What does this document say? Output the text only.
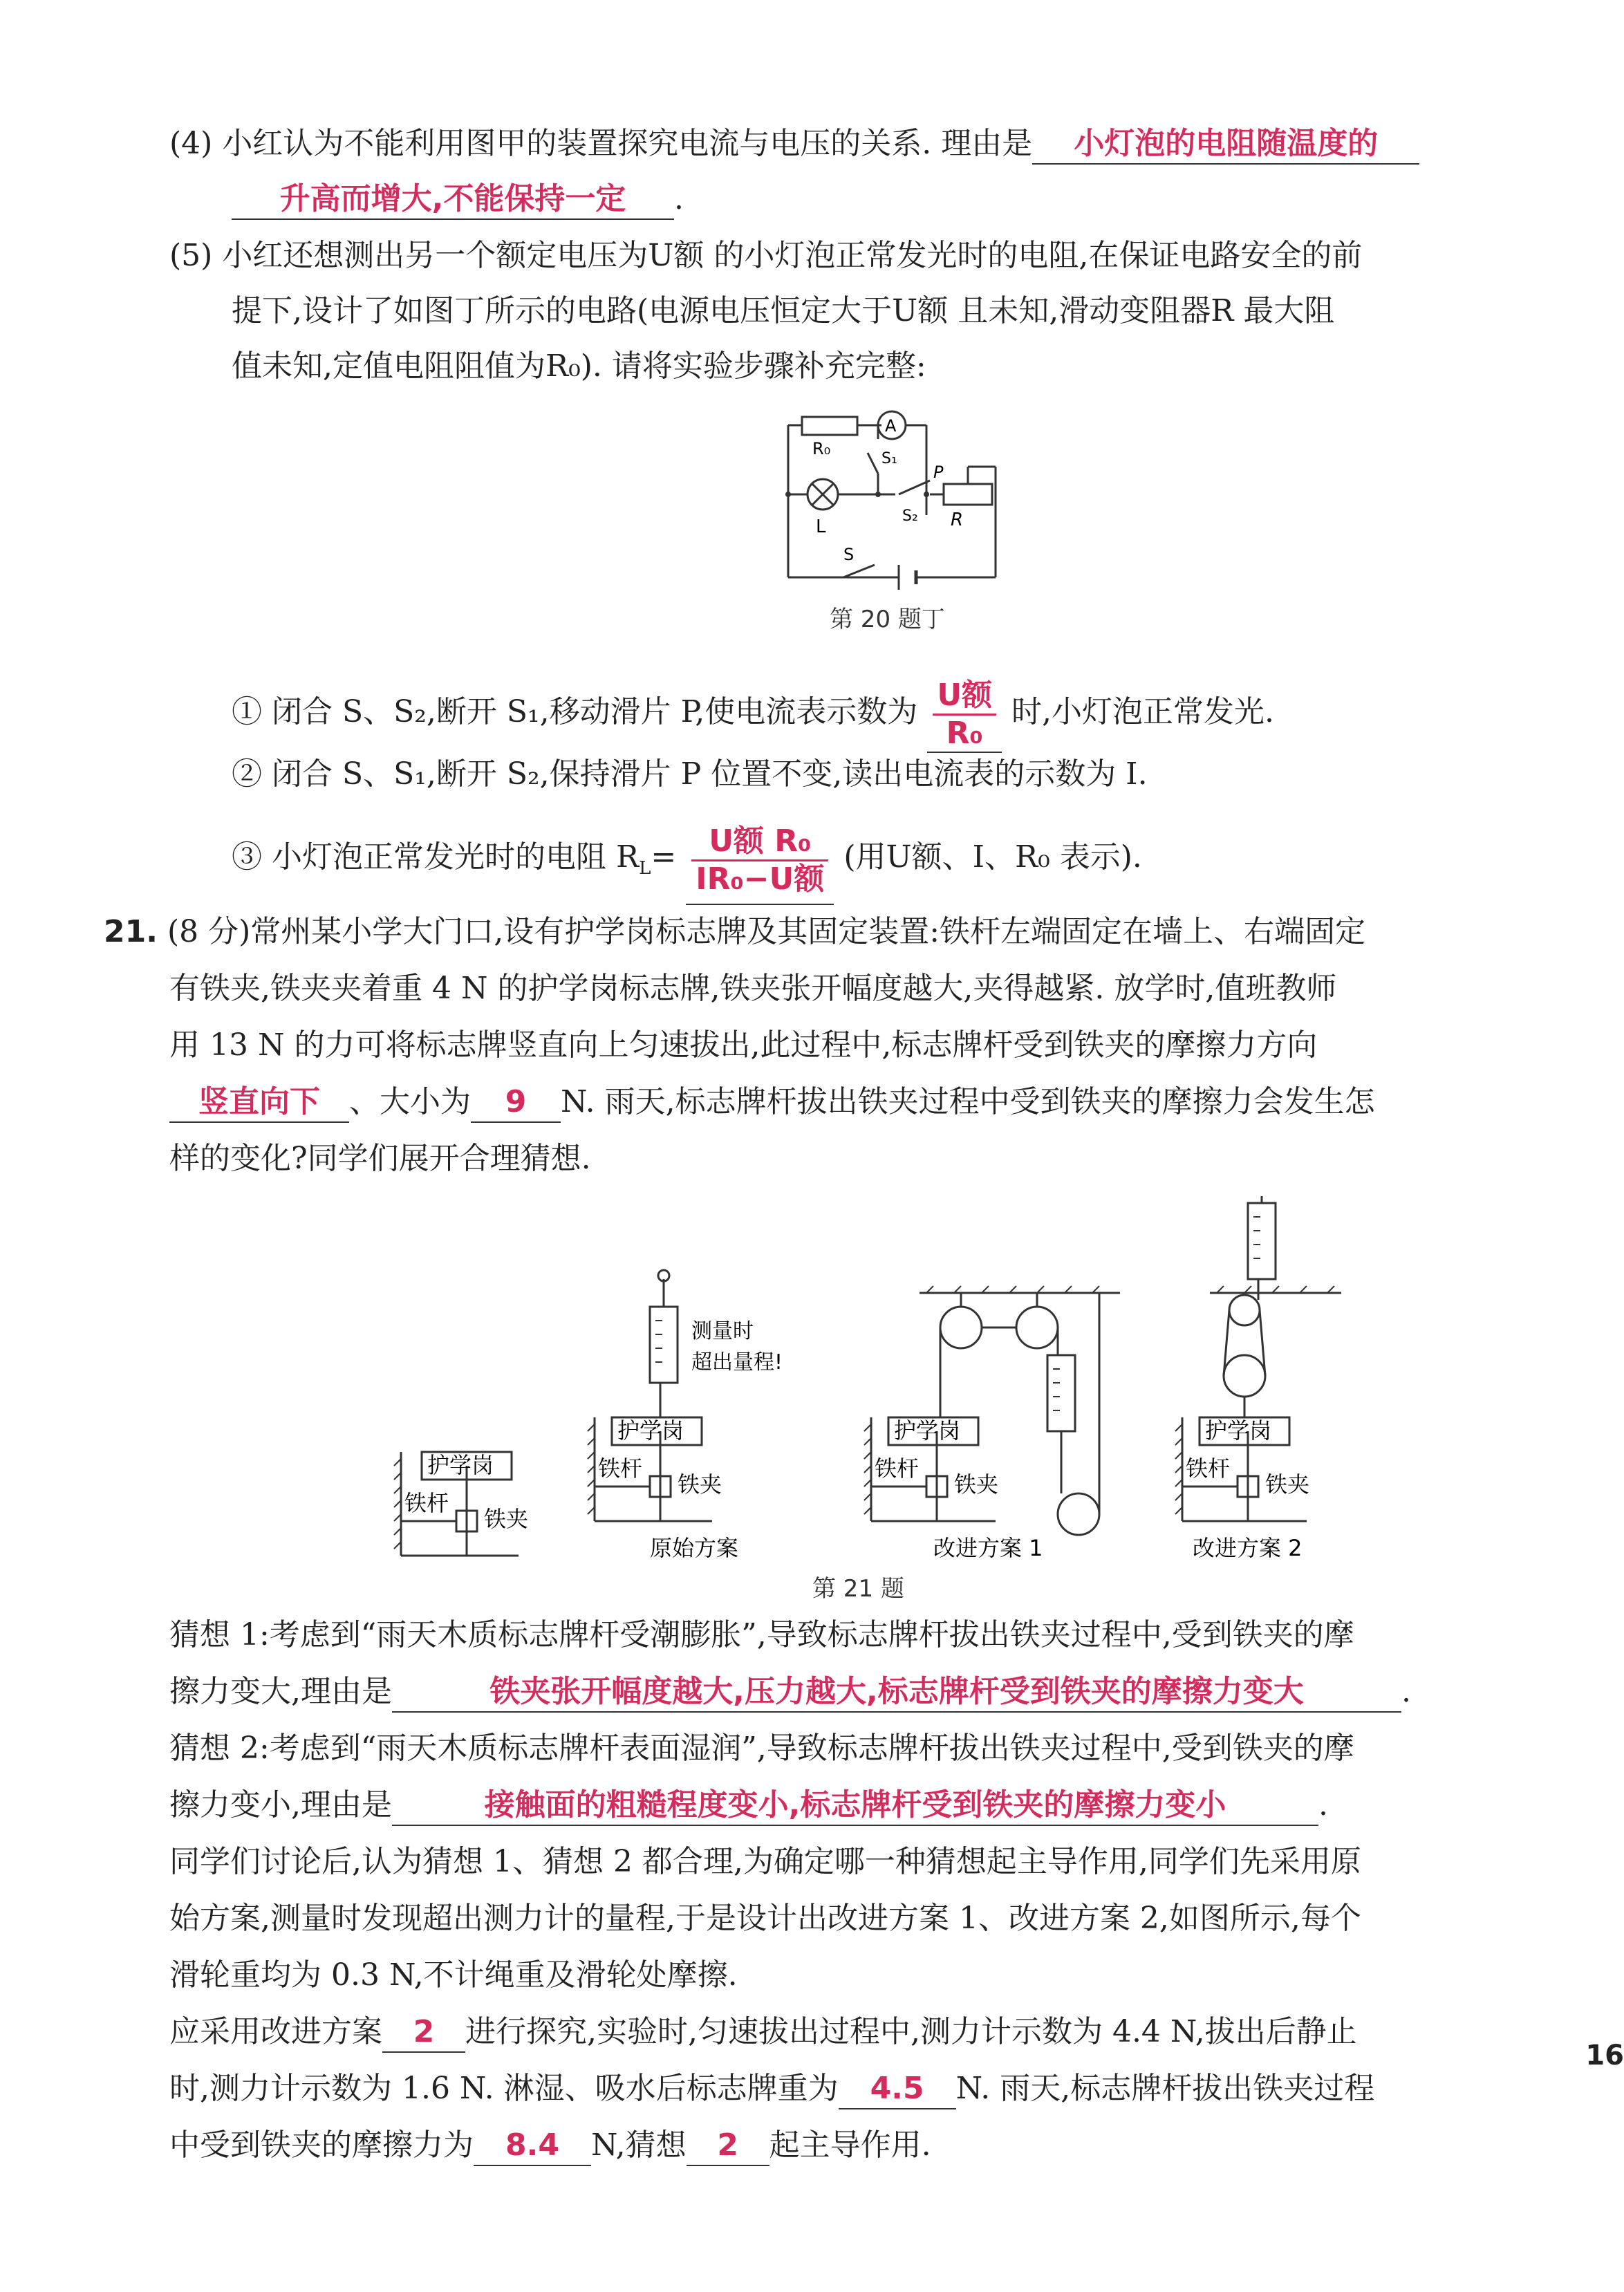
(4) 小红认为不能利用图甲的装置探究电流与电压的关系. 理由是 小灯泡的电阻随温度的
升高而增大,不能保持一定 .
(5) 小红还想测出另一个额定电压为U额 的小灯泡正常发光时的电阻,在保证电路安全的前
提下,设计了如图丁所示的电路(电源电压恒定大于U额 且未知,滑动变阻器R 最大阻
值未知,定值电阻阻值为R₀). 请将实验步骤补充完整:
R₀
A
S₁
P
L
S₂ R
S
第 20 题丁
① 闭合 S、S₂,断开 S₁,移动滑片 P,使电流表示数为 $\frac{\text{U额}}{\text{R₀}}$ 时,小灯泡正常发光.
② 闭合 S、S₁,断开 S₂,保持滑片 P 位置不变,读出电流表的示数为 I.
③ 小灯泡正常发光时的电阻 $R_L= \frac{\text{U额 R₀}}{\text{IR₀−U额}}$ (用U额、I、R₀ 表示).
21. (8 分)常州某小学大门口,设有护学岗标志牌及其固定装置:铁杆左端固定在墙上、右端固定
有铁夹,铁夹夹着重 4 N 的护学岗标志牌,铁夹张开幅度越大,夹得越紧. 放学时,值班教师
用 13 N 的力可将标志牌竖直向上匀速拔出,此过程中,标志牌杆受到铁夹的摩擦力方向
竖直向下 、大小为 9 N. 雨天,标志牌杆拔出铁夹过程中受到铁夹的摩擦力会发生怎
样的变化?同学们展开合理猜想.
护学岗
铁杆
铁夹
护学岗
铁杆
铁夹
测量时
超出量程!
原始方案
护学岗
铁杆
铁夹
改进方案 1
护学岗
铁杆
铁夹
改进方案 2
第 21 题
猜想 1:考虑到“雨天木质标志牌杆受潮膨胀”,导致标志牌杆拔出铁夹过程中,受到铁夹的摩
擦力变大,理由是	铁夹张开幅度越大,压力越大,标志牌杆受到铁夹的摩擦力变大	.
猜想 2:考虑到“雨天木质标志牌杆表面湿润”,导致标志牌杆拔出铁夹过程中,受到铁夹的摩
擦力变小,理由是	接触面的粗糙程度变小,标志牌杆受到铁夹的摩擦力变小	.
同学们讨论后,认为猜想 1、猜想 2 都合理,为确定哪一种猜想起主导作用,同学们先采用原
始方案,测量时发现超出测力计的量程,于是设计出改进方案 1、改进方案 2,如图所示,每个
滑轮重均为 0.3 N,不计绳重及滑轮处摩擦.
应采用改进方案 2 进行探究,实验时,匀速拔出过程中,测力计示数为 4.4 N,拔出后静止
时,测力计示数为 1.6 N. 淋湿、吸水后标志牌重为 4.5 N. 雨天,标志牌杆拔出铁夹过程
中受到铁夹的摩擦力为 8.4 N,猜想 2 起主导作用.
16
